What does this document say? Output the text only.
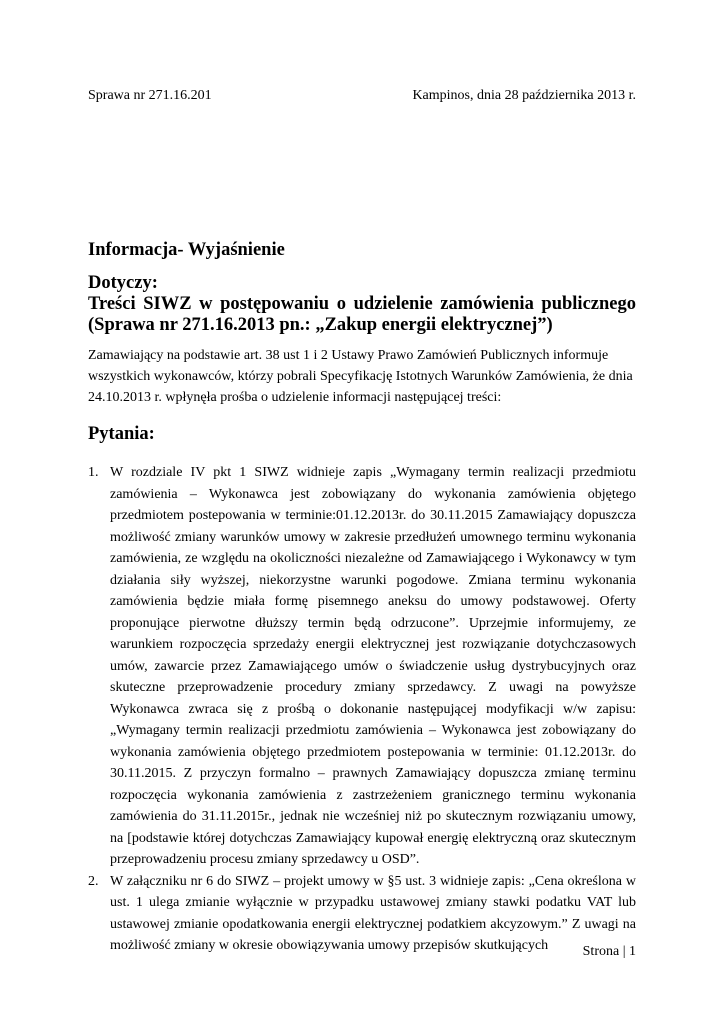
Sprawa nr 271.16.201	Kampinos, dnia 28 października 2013 r.
Informacja- Wyjaśnienie
Dotyczy:
Treści SIWZ w postępowaniu o udzielenie zamówienia publicznego
(Sprawa nr 271.16.2013 pn.: „Zakup energii elektrycznej”)
Zamawiający na podstawie art. 38 ust 1 i 2 Ustawy Prawo Zamówień Publicznych informuje wszystkich wykonawców, którzy pobrali Specyfikację Istotnych Warunków Zamówienia, że dnia 24.10.2013 r. wpłynęła prośba o udzielenie informacji następującej treści:
Pytania:
1. W rozdziale IV pkt 1 SIWZ widnieje zapis „Wymagany termin realizacji przedmiotu zamówienia – Wykonawca jest zobowiązany do wykonania zamówienia objętego przedmiotem postepowania w terminie:01.12.2013r. do 30.11.2015 Zamawiający dopuszcza możliwość zmiany warunków umowy w zakresie przedłużeń umownego terminu wykonania zamówienia, ze względu na okoliczności niezależne od Zamawiającego i Wykonawcy w tym działania siły wyższej, niekorzystne warunki pogodowe. Zmiana terminu wykonania zamówienia będzie miała formę pisemnego aneksu do umowy podstawowej. Oferty proponujące pierwotne dłuższy termin będą odrzucone”. Uprzejmie informujemy, ze warunkiem rozpoczęcia sprzedaży energii elektrycznej jest rozwiązanie dotychczasowych umów, zawarcie przez Zamawiającego umów o świadczenie usług dystrybucyjnych oraz skuteczne przeprowadzenie procedury zmiany sprzedawcy. Z uwagi na powyższe Wykonawca zwraca się z prośbą o dokonanie następującej modyfikacji w/w zapisu: „Wymagany termin realizacji przedmiotu zamówienia – Wykonawca jest zobowiązany do wykonania zamówienia objętego przedmiotem postepowania w terminie: 01.12.2013r. do 30.11.2015. Z przyczyn formalno – prawnych Zamawiający dopuszcza zmianę terminu rozpoczęcia wykonania zamówienia z zastrzeżeniem granicznego terminu wykonania zamówienia do 31.11.2015r., jednak nie wcześniej niż po skutecznym rozwiązaniu umowy, na [podstawie której dotychczas Zamawiający kupował energię elektryczną oraz skutecznym przeprowadzeniu procesu zmiany sprzedawcy u OSD”.
2. W załączniku nr 6 do SIWZ – projekt umowy w §5 ust. 3 widnieje zapis: „Cena określona w ust. 1 ulega zmianie wyłącznie w przypadku ustawowej zmiany stawki podatku VAT lub ustawowej zmianie opodatkowania energii elektrycznej podatkiem akcyzowym.” Z uwagi na możliwość zmiany w okresie obowiązywania umowy przepisów skutkujących	Strona | 1
